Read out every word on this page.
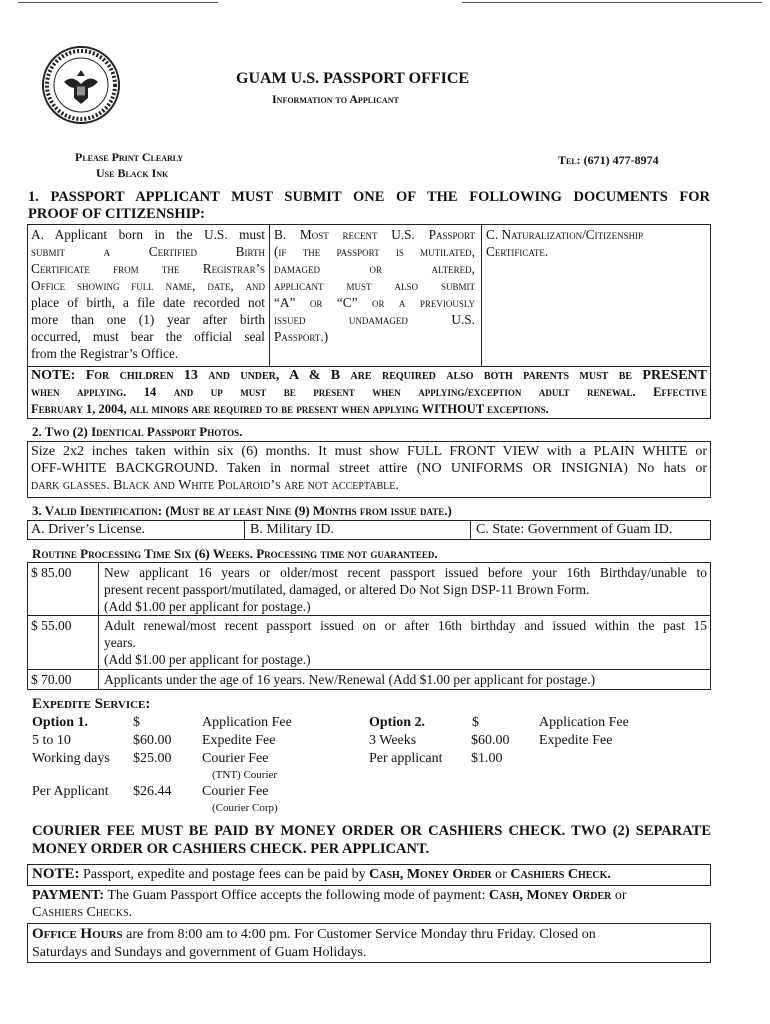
GUAM U.S. PASSPORT OFFICE
Information to Applicant
Please Print Clearly
Use Black Ink
Tel: (671) 477-8974
1. PASSPORT APPLICANT MUST SUBMIT ONE OF THE FOLLOWING DOCUMENTS FOR
PROOF OF CITIZENSHIP:
A. Applicant born in the U.S. must
submit a Certified Birth
Certificate from the Registrar’s
Office showing full name, date, and
place of birth, a file date recorded not
more than one (1) year after birth
occurred, must bear the official seal
from the Registrar’s Office.
B. Most recent U.S. Passport
(if the passport is mutilated,
damaged or altered,
applicant must also submit
“A” or “C” or a previously
issued undamaged U.S.
Passport.)
C. Naturalization/Citizenship
Certificate.
NOTE: For children 13 and under, A & B are required also both parents must be PRESENT
when applying. 14 and up must be present when applying/exception adult renewal. Effective
February 1, 2004, all minors are required to be present when applying WITHOUT exceptions.
2. Two (2) Identical Passport Photos.
Size 2x2 inches taken within six (6) months. It must show FULL FRONT VIEW with a PLAIN WHITE or
OFF-WHITE BACKGROUND. Taken in normal street attire (NO UNIFORMS OR INSIGNIA) No hats or
dark glasses. Black and White Polaroid’s are not acceptable.
3. Valid Identification: (Must be at least Nine (9) Months from issue date.)
A. Driver’s License.	B. Military ID.	C. State: Government of Guam ID.
Routine Processing Time Six (6) Weeks. Processing time not guaranteed.
$ 85.00 New applicant 16 years or older/most recent passport issued before your 16th Birthday/unable to
present recent passport/mutilated, damaged, or altered Do Not Sign DSP-11 Brown Form.
(Add $1.00 per applicant for postage.)
$ 55.00 Adult renewal/most recent passport issued on or after 16th birthday and issued within the past 15
years.
(Add $1.00 per applicant for postage.)
$ 70.00 Applicants under the age of 16 years. New/Renewal (Add $1.00 per applicant for postage.)
Expedite Service:
Option 1.	$	Application Fee
5 to 10	$60.00 Expedite Fee
Working days $25.00 Courier Fee
(TNT) Courier
Per Applicant $26.44 Courier Fee
(Courier Corp)
Option 2.	$	Application Fee
3 Weeks	$60.00 Expedite Fee
Per applicant $1.00
COURIER FEE MUST BE PAID BY MONEY ORDER OR CASHIERS CHECK. TWO (2) SEPARATE
MONEY ORDER OR CASHIERS CHECK. PER APPLICANT.
NOTE: Passport, expedite and postage fees can be paid by Cash, Money Order or Cashiers Check.
PAYMENT: The Guam Passport Office accepts the following mode of payment: Cash, Money Order or
Cashiers Checks.
Office Hours are from 8:00 am to 4:00 pm. For Customer Service Monday thru Friday. Closed on
Saturdays and Sundays and government of Guam Holidays.
